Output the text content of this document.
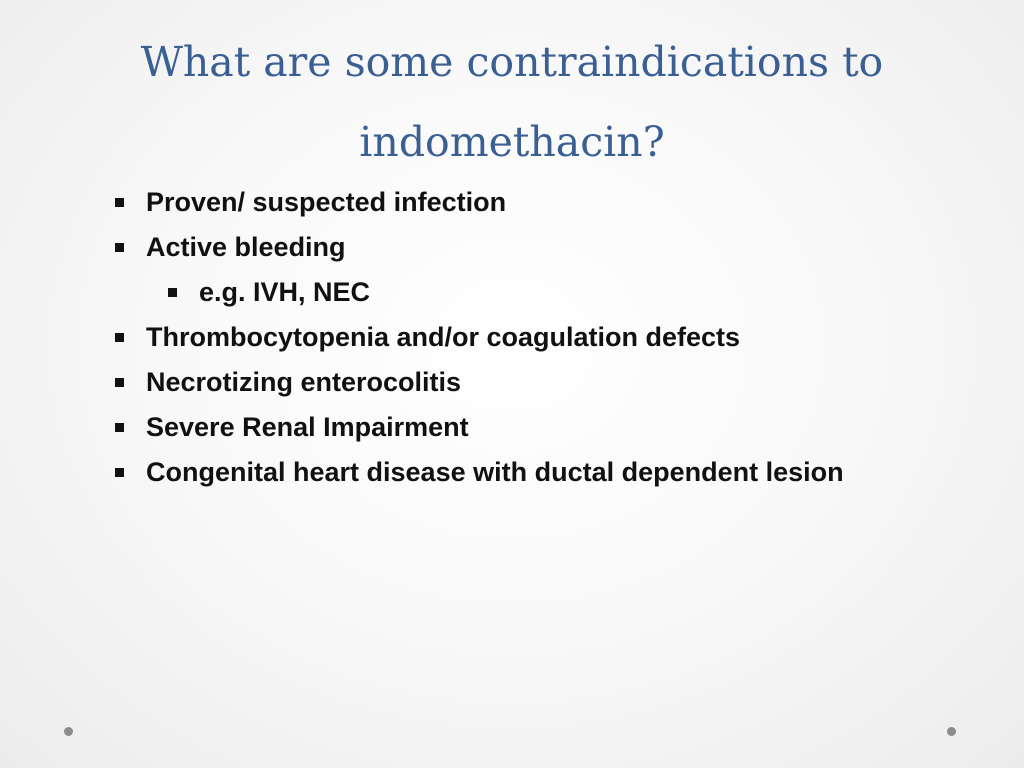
What are some contraindications to indomethacin?
Proven/ suspected infection
Active bleeding
e.g. IVH, NEC
Thrombocytopenia and/or coagulation defects
Necrotizing enterocolitis
Severe Renal Impairment
Congenital heart disease with ductal dependent lesion
